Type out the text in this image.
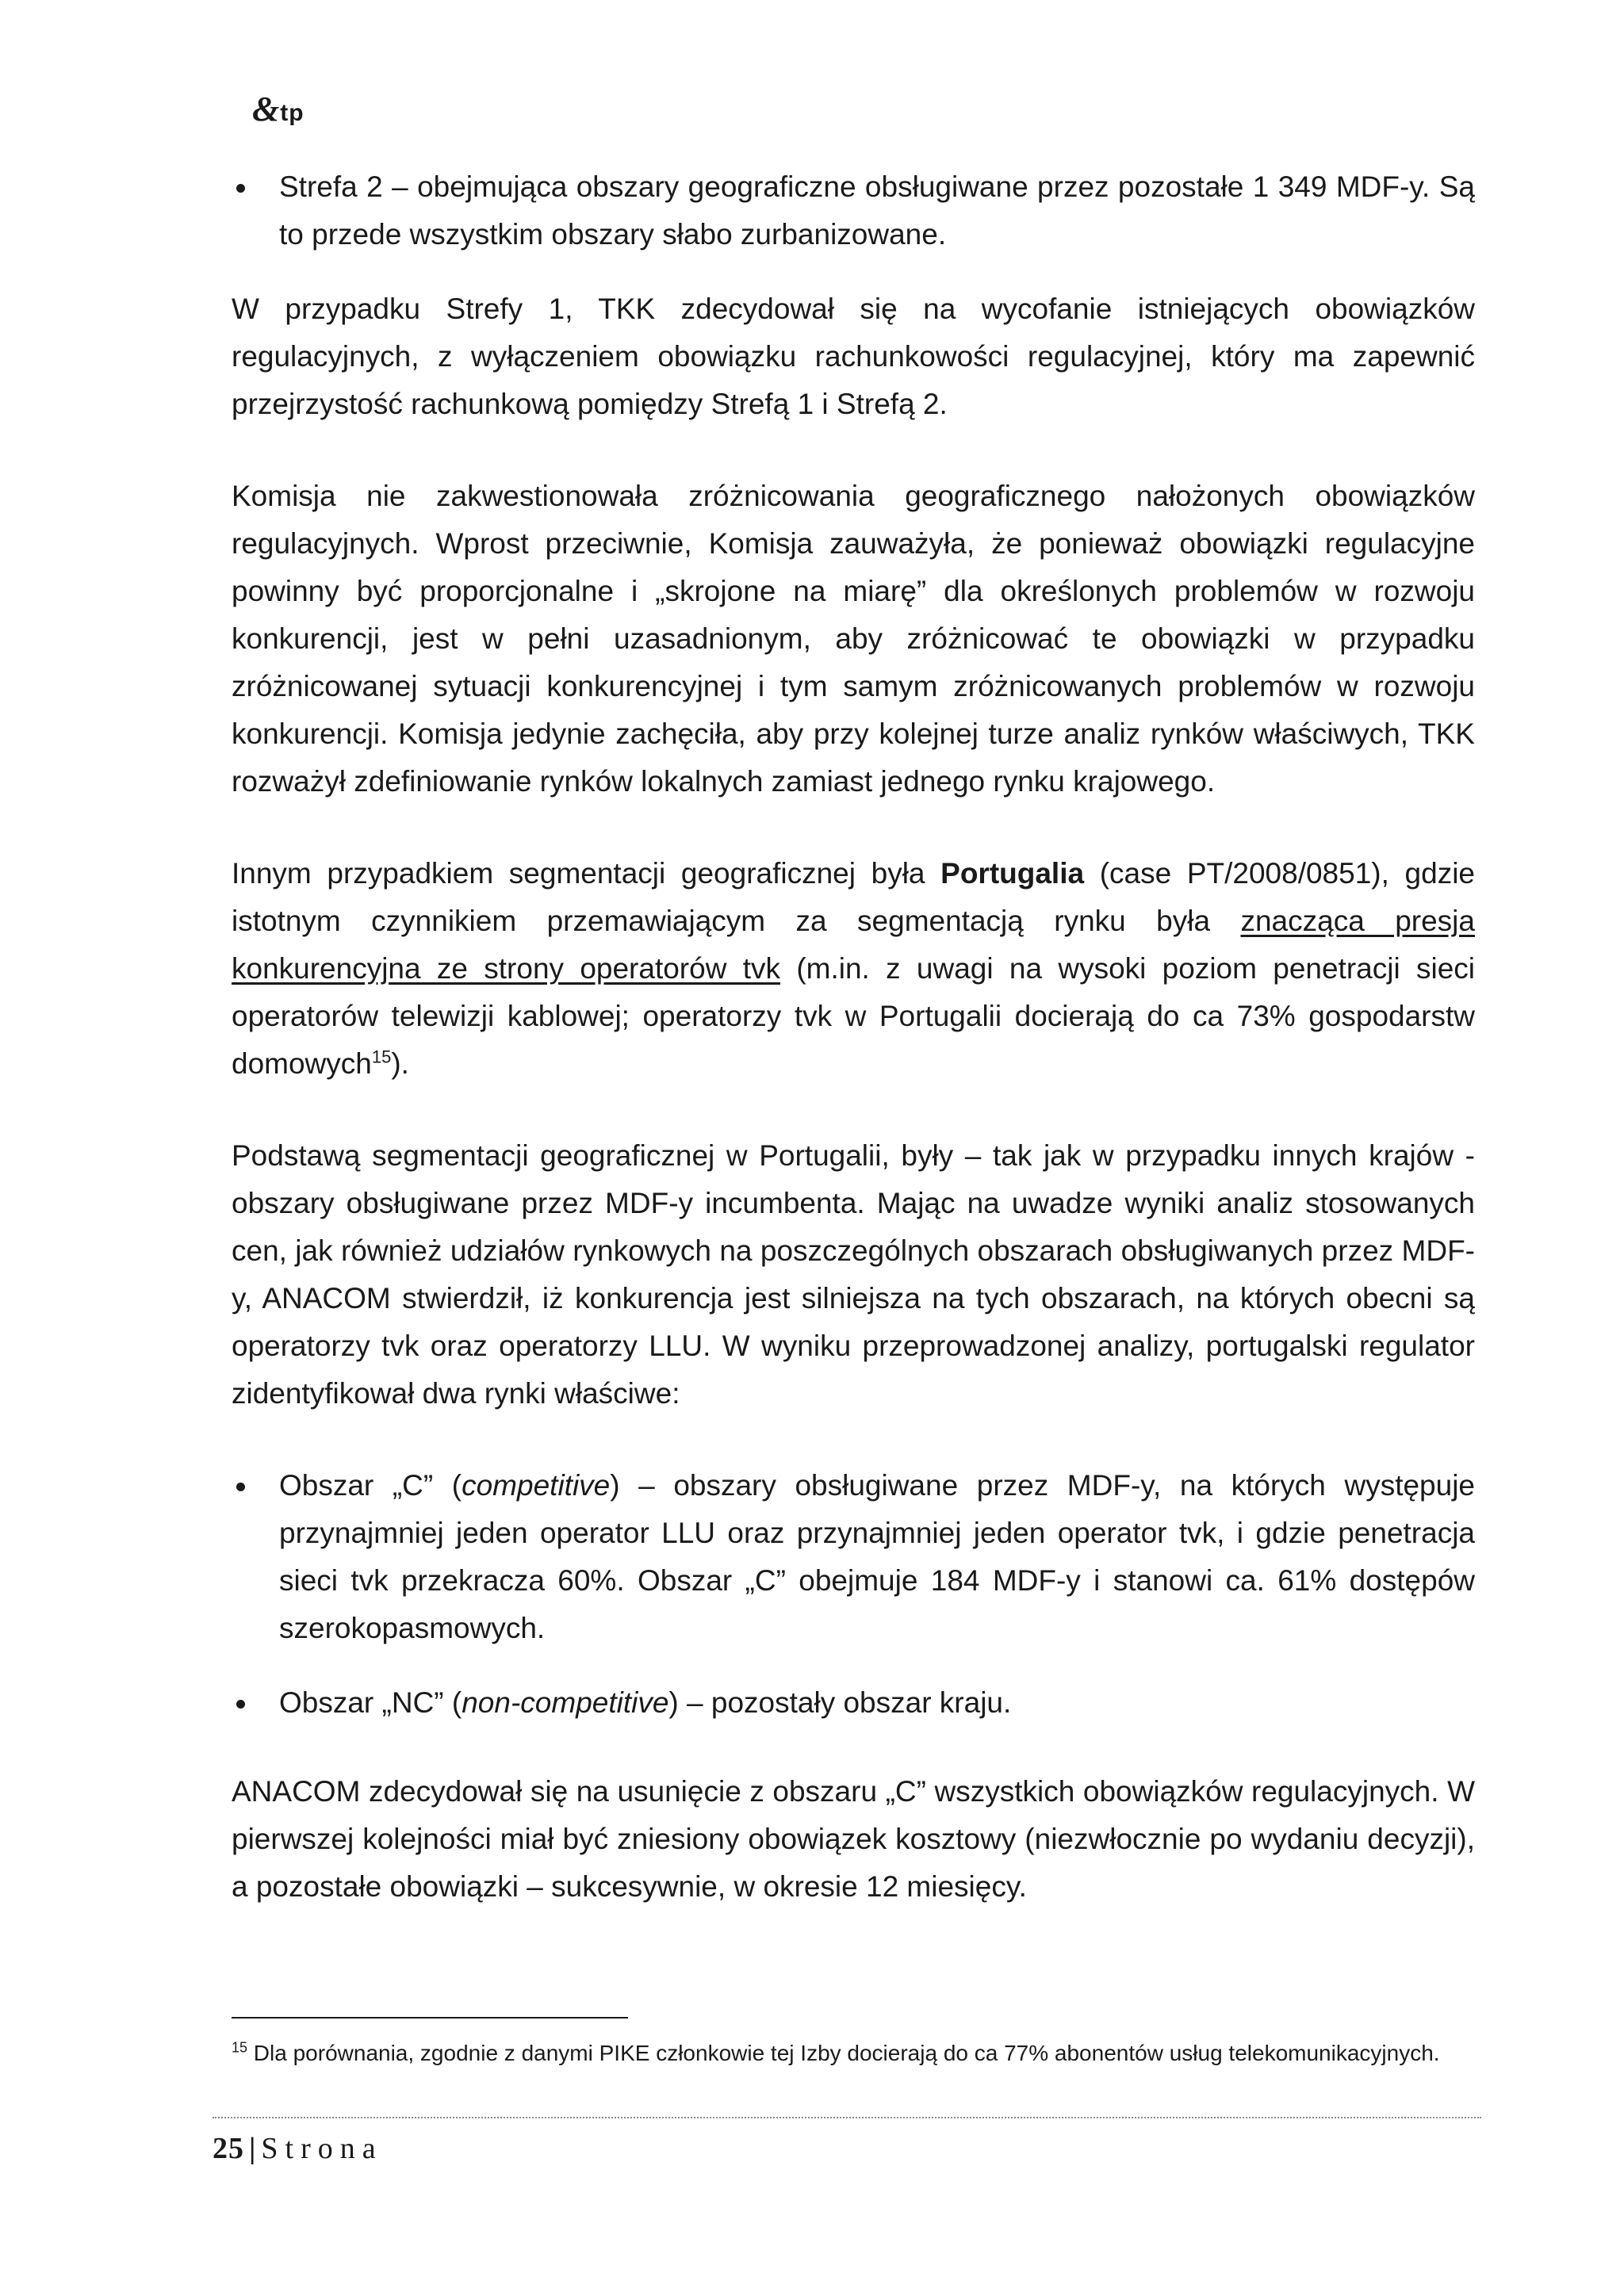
&tp
Strefa 2 – obejmująca obszary geograficzne obsługiwane przez pozostałe 1 349 MDF-y. Są to przede wszystkim obszary słabo zurbanizowane.

W przypadku Strefy 1, TKK zdecydował się na wycofanie istniejących obowiązków regulacyjnych, z wyłączeniem obowiązku rachunkowości regulacyjnej, który ma zapewnić przejrzystość rachunkową pomiędzy Strefą 1 i Strefą 2.

Komisja nie zakwestionowała zróżnicowania geograficznego nałożonych obowiązków regulacyjnych. Wprost przeciwnie, Komisja zauważyła, że ponieważ obowiązki regulacyjne powinny być proporcjonalne i „skrojone na miarę” dla określonych problemów w rozwoju konkurencji, jest w pełni uzasadnionym, aby zróżnicować te obowiązki w przypadku zróżnicowanej sytuacji konkurencyjnej i tym samym zróżnicowanych problemów w rozwoju konkurencji. Komisja jedynie zachęciła, aby przy kolejnej turze analiz rynków właściwych, TKK rozważył zdefiniowanie rynków lokalnych zamiast jednego rynku krajowego.

Innym przypadkiem segmentacji geograficznej była Portugalia (case PT/2008/0851), gdzie istotnym czynnikiem przemawiającym za segmentacją rynku była znacząca presja konkurencyjna ze strony operatorów tvk (m.in. z uwagi na wysoki poziom penetracji sieci operatorów telewizji kablowej; operatorzy tvk w Portugalii docierają do ca 73% gospodarstw domowych$^{15}$).

Podstawą segmentacji geograficznej w Portugalii, były – tak jak w przypadku innych krajów - obszary obsługiwane przez MDF-y incumbenta. Mając na uwadze wyniki analiz stosowanych cen, jak również udziałów rynkowych na poszczególnych obszarach obsługiwanych przez MDF-y, ANACOM stwierdził, iż konkurencja jest silniejsza na tych obszarach, na których obecni są operatorzy tvk oraz operatorzy LLU. W wyniku przeprowadzonej analizy, portugalski regulator zidentyfikował dwa rynki właściwe:

Obszar „C” (competitive) – obszary obsługiwane przez MDF-y, na których występuje przynajmniej jeden operator LLU oraz przynajmniej jeden operator tvk, i gdzie penetracja sieci tvk przekracza 60%. Obszar „C” obejmuje 184 MDF-y i stanowi ca. 61% dostępów szerokopasmowych.
Obszar „NC” (non-competitive) – pozostały obszar kraju.

ANACOM zdecydował się na usunięcie z obszaru „C” wszystkich obowiązków regulacyjnych. W pierwszej kolejności miał być zniesiony obowiązek kosztowy (niezwłocznie po wydaniu decyzji), a pozostałe obowiązki – sukcesywnie, w okresie 12 miesięcy.

$^{15}$ Dla porównania, zgodnie z danymi PIKE członkowie tej Izby docierają do ca 77% abonentów usług telekomunikacyjnych.
25 | Strona
